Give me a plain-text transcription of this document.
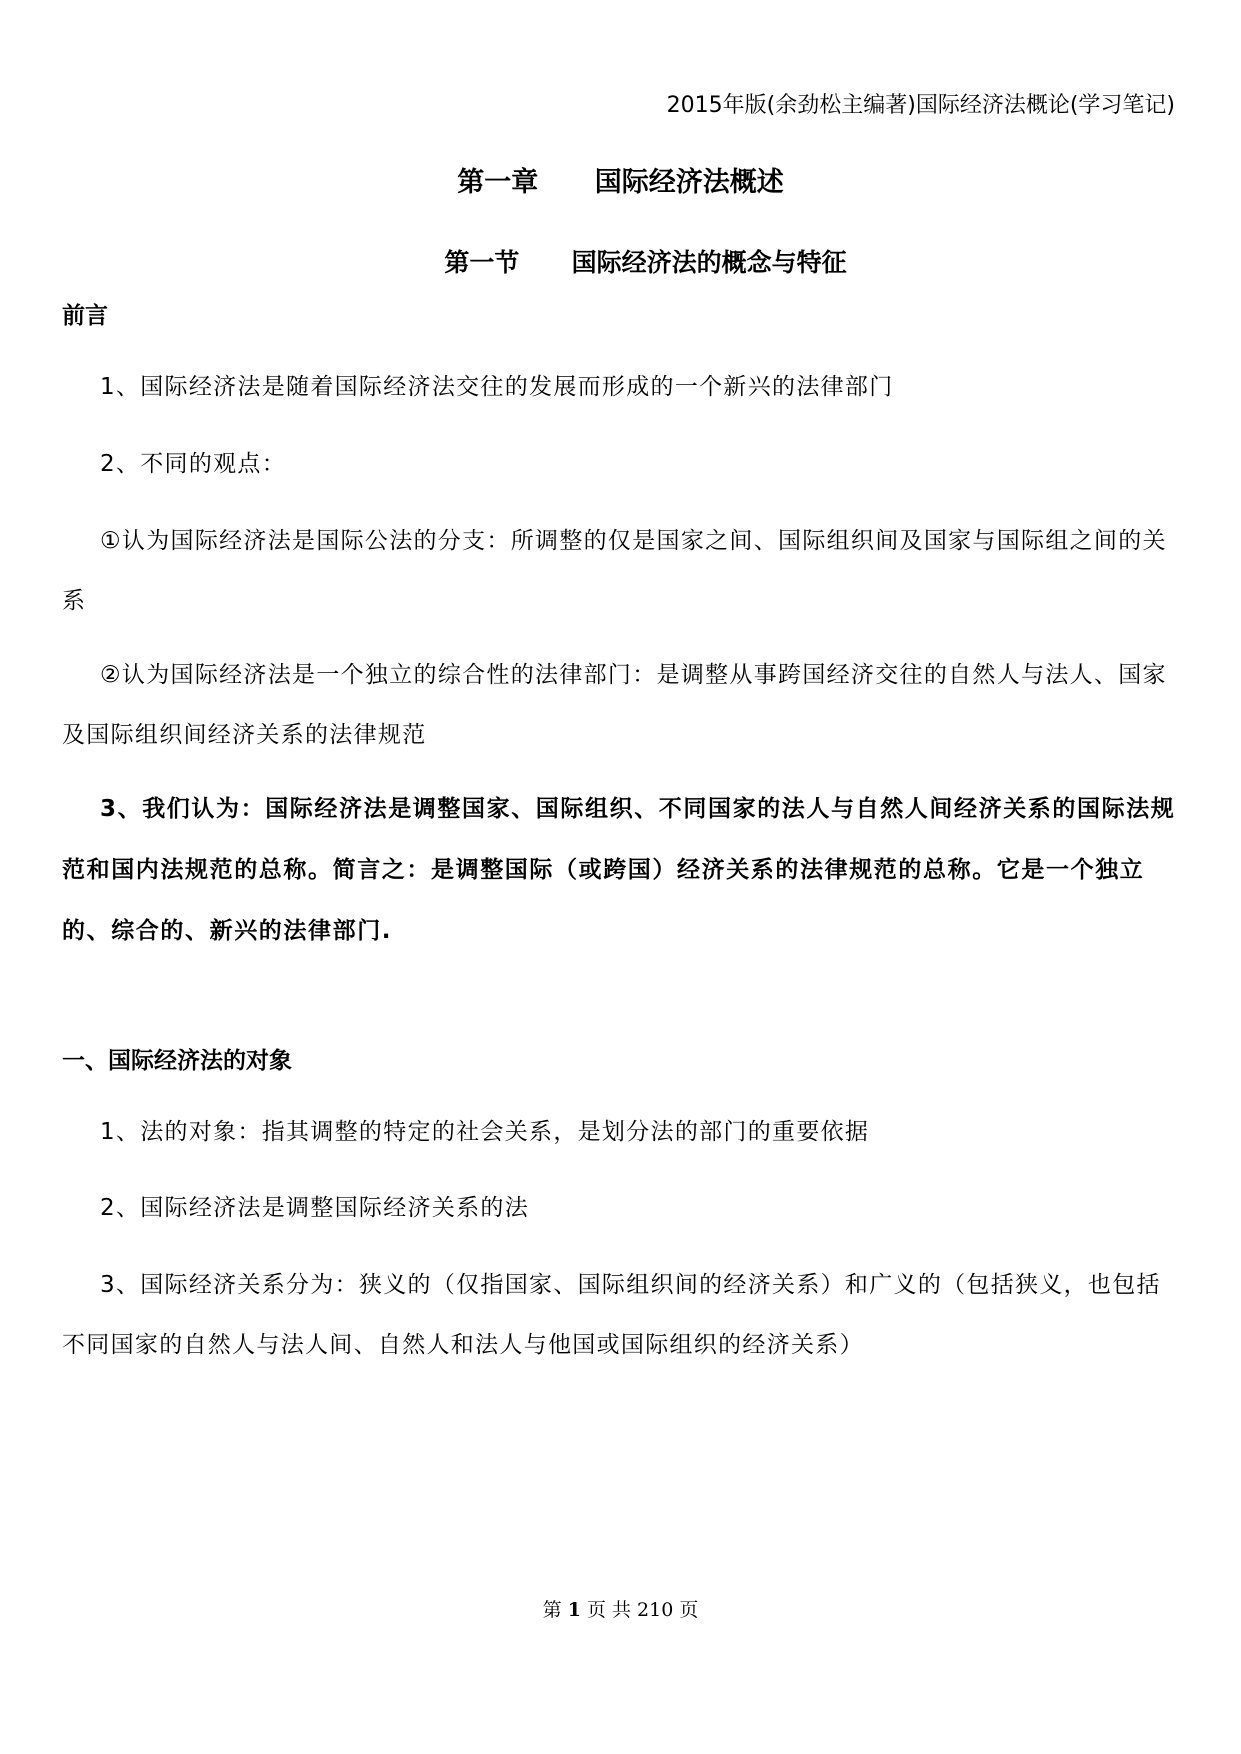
2015年版(余劲松主编著)国际经济法概论(学习笔记)
第一章      国际经济法概述
第一节      国际经济法的概念与特征
前言
1、国际经济法是随着国际经济法交往的发展而形成的一个新兴的法律部门
2、不同的观点：
①认为国际经济法是国际公法的分支：所调整的仅是国家之间、国际组织间及国家与国际组之间的关系
②认为国际经济法是一个独立的综合性的法律部门：是调整从事跨国经济交往的自然人与法人、国家及国际组织间经济关系的法律规范
3、我们认为：国际经济法是调整国家、国际组织、不同国家的法人与自然人间经济关系的国际法规范和国内法规范的总称。简言之：是调整国际（或跨国）经济关系的法律规范的总称。它是一个独立的、综合的、新兴的法律部门.
一、国际经济法的对象
1、法的对象：指其调整的特定的社会关系，是划分法的部门的重要依据
2、国际经济法是调整国际经济关系的法
3、国际经济关系分为：狭义的（仅指国家、国际组织间的经济关系）和广义的（包括狭义，也包括不同国家的自然人与法人间、自然人和法人与他国或国际组织的经济关系）
第 1 页 共 210 页
